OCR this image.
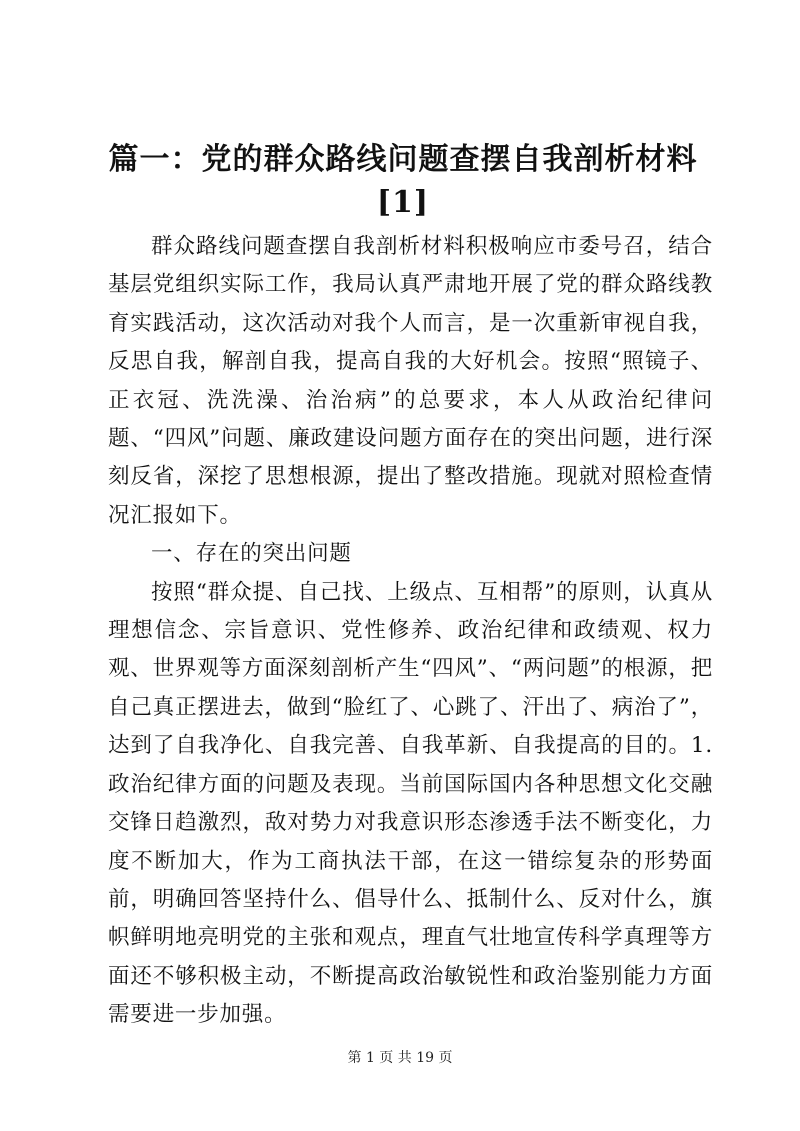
篇一：党的群众路线问题查摆自我剖析材料[1]

群众路线问题查摆自我剖析材料积极响应市委号召，结合基层党组织实际工作，我局认真严肃地开展了党的群众路线教育实践活动，这次活动对我个人而言，是一次重新审视自我，反思自我，解剖自我，提高自我的大好机会。按照“照镜子、正衣冠、洗洗澡、治治病”的总要求，本人从政治纪律问题、“四风”问题、廉政建设问题方面存在的突出问题，进行深刻反省，深挖了思想根源，提出了整改措施。现就对照检查情况汇报如下。

一、存在的突出问题

按照“群众提、自己找、上级点、互相帮”的原则，认真从理想信念、宗旨意识、党性修养、政治纪律和政绩观、权力观、世界观等方面深刻剖析产生“四风”、“两问题”的根源，把自己真正摆进去，做到“脸红了、心跳了、汗出了、病治了”，达到了自我净化、自我完善、自我革新、自我提高的目的。1.政治纪律方面的问题及表现。当前国际国内各种思想文化交融交锋日趋激烈，敌对势力对我意识形态渗透手法不断变化，力度不断加大，作为工商执法干部，在这一错综复杂的形势面前，明确回答坚持什么、倡导什么、抵制什么、反对什么，旗帜鲜明地亮明党的主张和观点，理直气壮地宣传科学真理等方面还不够积极主动，不断提高政治敏锐性和政治鉴别能力方面需要进一步加强。

第 1 页 共 19 页
